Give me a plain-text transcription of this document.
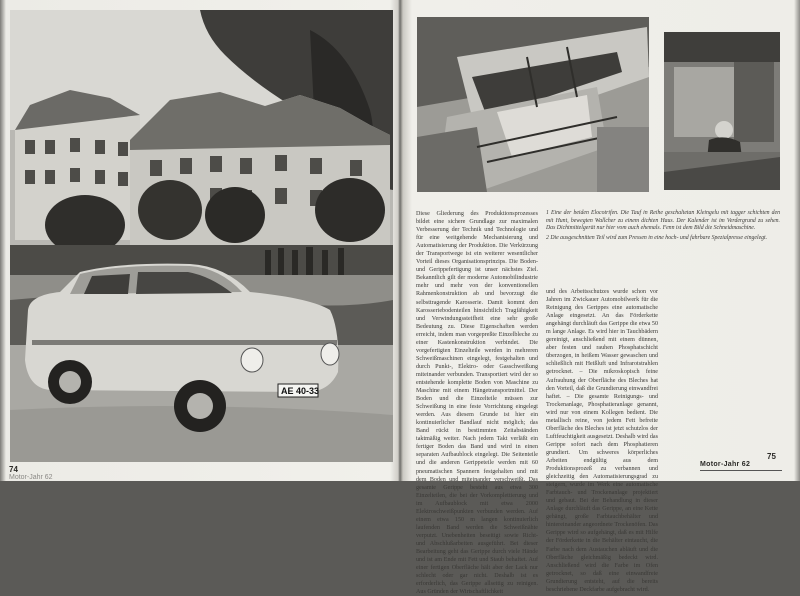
AE 40-33

1 Eine der beiden Elocotrifen. Die Tauf in Reihe geschaltetan Kleingelu mit tagger schichten den mit Hunt, bewegten Wallcher zu einem dichten Haus. Der Kalender ist im Verdergrund zu sehen. Das Dichtmittelgerät nur hier vom auch ehemals. Fenn ist dem Bild die Schneidmaschine.

2 Die ausgeschnitten Teil wird zum Pressen in eine hoch- und fahrbare Spezialpresse eingelegt.

Diese Gliederung des Produktionsprozesses bildet eine sichere Grundlage zur maximalen Verbesserung der Technik und Technologie und für eine weitgehende Mechanisierung und Automatisierung der Produktion. Die Verkürzung der Transportwege ist ein weiterer wesentlicher Vorteil dieses Organisationsprinzips. Die Boden- und Gerippefertigung ist unser nächstes Ziel. Bekanntlich gilt der moderne Automobilindustrie mehr und mehr von der konventionellen Rahmenkonstruktion ab und bevorzugt die selbsttragende Karosserie. Damit kommt den Karosseriebodenteilen hinsichtlich Tragfähigkeit und Verwindungssteifheit eine sehr große Bedeutung zu. Diese Eigenschaften werden erreicht, indem man vorgepreßte Einzelbleche zu einer Kastenkonstruktion verbindet. Die vorgefertigten Einzelteile werden in mehreren Schweißmaschinen eingelegt, festgehalten und durch Punkt-, Elektro- oder Gasschweißung miteinander verbunden. Transportiert wird der so entstehende komplette Boden von Maschine zu Maschine mit einem Hängetransportmittel. Der Boden und die Einzelteile müssen zur Schweißung in eine feste Vorrichtung eingelegt werden. Aus diesem Grunde ist hier ein kontinuierlicher Bandlauf nicht möglich; das Band rückt in bestimmten Zeitabständen taktmäßig weiter. Nach jedem Takt verläßt ein fertiger Boden das Band und wird in einen separaten Aufbaublock eingelegt. Die Seitenteile und die anderen Gerippeteile werden mit 60 pneumatischen Spannern festgehalten und mit dem Boden und miteinander verschweißt. Das gesamte Gerippe besteht aus etwa 300 Einzelteilen, die bei der Vorkomplettierung und im Aufbaublock mit etwa 2000 Elektroschweißpunkten verbunden werden. Auf einem etwa 150 m langen kontinuierlich laufenden Band werden die Schweißnähte verputzt. Unebenheiten beseitigt sowie Richt- und Abschlußarbeiten ausgeführt. Bei dieser Bearbeitung geht das Gerippe durch viele Hände und ist am Ende mit Fett und Staub behaftet. Auf einer fertigen Oberfläche hält aber der Lack nur schlecht oder gar nicht. Deshalb ist es erforderlich, das Gerippe allseitig zu reinigen. Aus Gründen der Wirtschaftlichkeit

und des Arbeitsschutzes wurde schon vor Jahren im Zwickauer Automobilwerk für die Reinigung des Gerippes eine automatische Anlage eingesetzt. An das Förderkette angehängt durchläuft das Gerippe die etwa 50 m lange Anlage. Es wird hier in Tauchbädern gereinigt, anschließend mit einem dünnen, aber festen und rauhen Phosphatschicht überzogen, in heißem Wasser gewaschen und schließlich mit Heißluft und Infrarotstrahlen getrocknet. – Die mikroskopisch feine Aufrauhung der Oberfläche des Bleches hat den Vorteil, daß die Grundierung einwandfrei haftet. – Die gesamte Reinigungs- und Trockenanlage, Phosphatieranlage genannt, wird nur von einem Kollegen bedient. Die metallisch reine, von jedem Fett befreite Oberfläche des Bleches ist jetzt schutzlos der Luftfeuchtigkeit ausgesetzt. Deshalb wird das Gerippe sofort nach dem Phosphatieren grundiert. Um schweres körperliches Arbeiten endgültig aus dem Produktionsprozeß zu verbannen und gleichzeitig den Automatisierungsgrad zu steigern, wurde im Werk eine automatische Farbtauch- und Trockenanlage projektiert und gebaut. Bei der Behandlung in dieser Anlage durchläuft das Gerippe, an eine Kette gehängt, große Farbtauchbehälter und hintereinander angeordnete Trockenöfen. Das Gerippe wird so aufgehängt, daß es mit Hilfe der Förderkette in die Behälter eintaucht, die Farbe nach dem Austauchen abläuft und die Oberfläche gleichmäßig bedeckt wird. Anschließend wird die Farbe im Ofen getrocknet, so daß eine einwandfreie Grundierung entsteht, auf die bereits beschriebene Deckfarbe aufgebracht wird.

74
Motor-Jahr 62
75
Motor-Jahr 62
